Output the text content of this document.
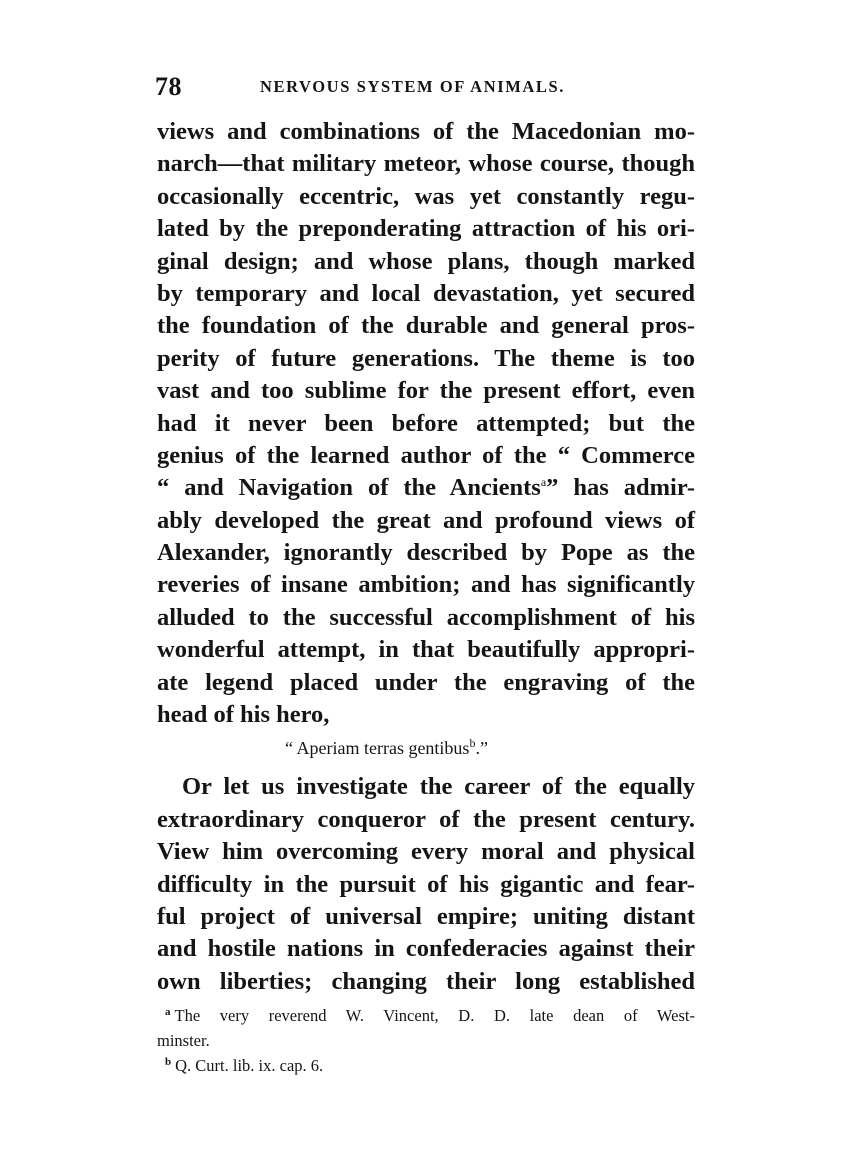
78	NERVOUS SYSTEM OF ANIMALS.
views and combinations of the Macedonian mo-
narch—that military meteor, whose course, though
occasionally eccentric, was yet constantly regu-
lated by the preponderating attraction of his ori-
ginal design; and whose plans, though marked
by temporary and local devastation, yet secured
the foundation of the durable and general pros-
perity of future generations. The theme is too
vast and too sublime for the present effort, even
had it never been before attempted; but the
genius of the learned author of the “ Commerce
“ and Navigation of the Ancients$^a$” has admir-
ably developed the great and profound views of
Alexander, ignorantly described by Pope as the
reveries of insane ambition; and has significantly
alluded to the successful accomplishment of his
wonderful attempt, in that beautifully appropri-
ate legend placed under the engraving of the
head of his hero,
“ Aperiam terras gentibus$^b$.”
Or let us investigate the career of the equally
extraordinary conqueror of the present century.
View him overcoming every moral and physical
difficulty in the pursuit of his gigantic and fear-
ful project of universal empire; uniting distant
and hostile nations in confederacies against their
own liberties; changing their long established
$^a$ The very reverend W. Vincent, D. D. late dean of West-
minster.
$^b$ Q. Curt. lib. ix. cap. 6.
